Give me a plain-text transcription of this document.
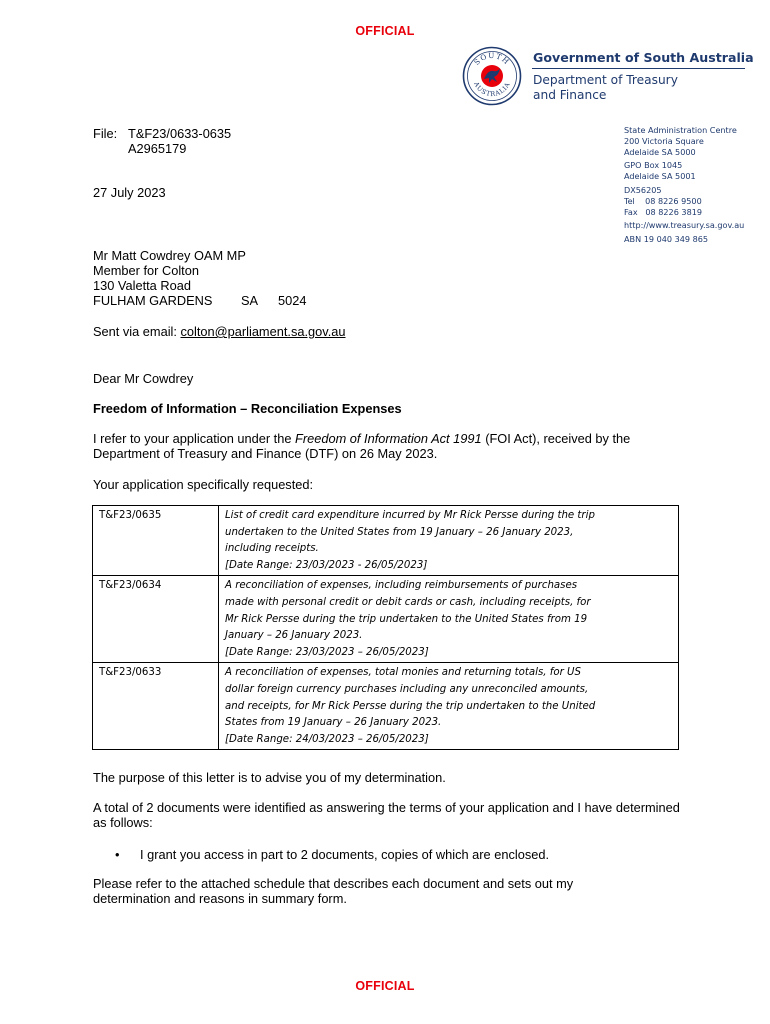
OFFICIAL
SOUTH
AUSTRALIA
Government of South Australia
Department of Treasury
and Finance
State Administration Centre
200 Victoria Square
Adelaide SA 5000
GPO Box 1045
Adelaide SA 5001
DX56205
Tel    08 8226 9500
Fax   08 8226 3819
http://www.treasury.sa.gov.au
ABN 19 040 349 865
File: T&F23/0633-0635
A2965179
27 July 2023
Mr Matt Cowdrey OAM MP
Member for Colton
130 Valetta Road
FULHAM GARDENS SA 5024
Sent via email: colton@parliament.sa.gov.au
Dear Mr Cowdrey
Freedom of Information – Reconciliation Expenses
I refer to your application under the Freedom of Information Act 1991 (FOI Act), received by the Department of Treasury and Finance (DTF) on 26 May 2023.
Your application specifically requested:
T&F23/0635	List of credit card expenditure incurred by Mr Rick Persse during the trip
undertaken to the United States from 19 January – 26 January 2023,
including receipts.
[Date Range: 23/03/2023 - 26/05/2023]

T&F23/0634	A reconciliation of expenses, including reimbursements of purchases
made with personal credit or debit cards or cash, including receipts, for
Mr Rick Persse during the trip undertaken to the United States from 19
January – 26 January 2023.
[Date Range: 23/03/2023 – 26/05/2023]

T&F23/0633	A reconciliation of expenses, total monies and returning totals, for US
dollar foreign currency purchases including any unreconciled amounts,
and receipts, for Mr Rick Persse during the trip undertaken to the United
States from 19 January – 26 January 2023.
[Date Range: 24/03/2023 – 26/05/2023]
The purpose of this letter is to advise you of my determination.
A total of 2 documents were identified as answering the terms of your application and I have determined as follows:
• I grant you access in part to 2 documents, copies of which are enclosed.
Please refer to the attached schedule that describes each document and sets out my determination and reasons in summary form.
OFFICIAL
